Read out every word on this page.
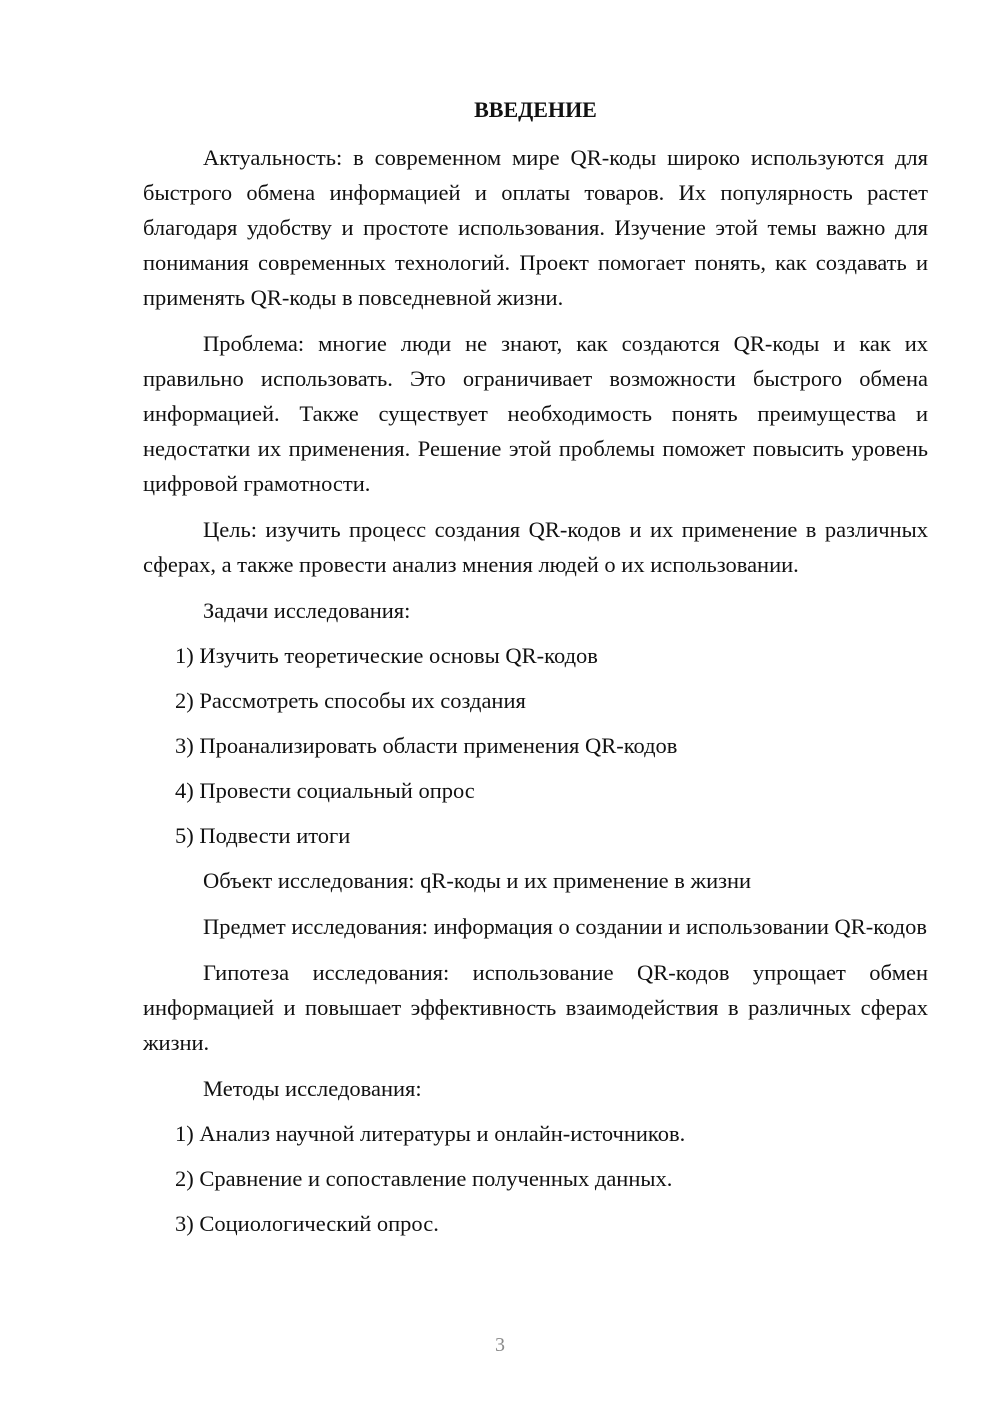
ВВЕДЕНИЕ

Актуальность: в современном мире QR-коды широко используются для быстрого обмена информацией и оплаты товаров. Их популярность растет благодаря удобству и простоте использования. Изучение этой темы важно для понимания современных технологий. Проект помогает понять, как создавать и применять QR-коды в повседневной жизни.

Проблема: многие люди не знают, как создаются QR-коды и как их правильно использовать. Это ограничивает возможности быстрого обмена информацией. Также существует необходимость понять преимущества и недостатки их применения. Решение этой проблемы поможет повысить уровень цифровой грамотности.

Цель: изучить процесс создания QR-кодов и их применение в различных сферах, а также провести анализ мнения людей о их использовании.

Задачи исследования:
1) Изучить теоретические основы QR-кодов
2) Рассмотреть способы их создания
3) Проанализировать области применения QR-кодов
4) Провести социальный опрос
5) Подвести итоги

Объект исследования: qR-коды и их применение в жизни

Предмет исследования: информация о создании и использовании QR-кодов

Гипотеза исследования: использование QR-кодов упрощает обмен информацией и повышает эффективность взаимодействия в различных сферах жизни.

Методы исследования:
1) Анализ научной литературы и онлайн-источников.
2) Сравнение и сопоставление полученных данных.
3) Социологический опрос.
3
